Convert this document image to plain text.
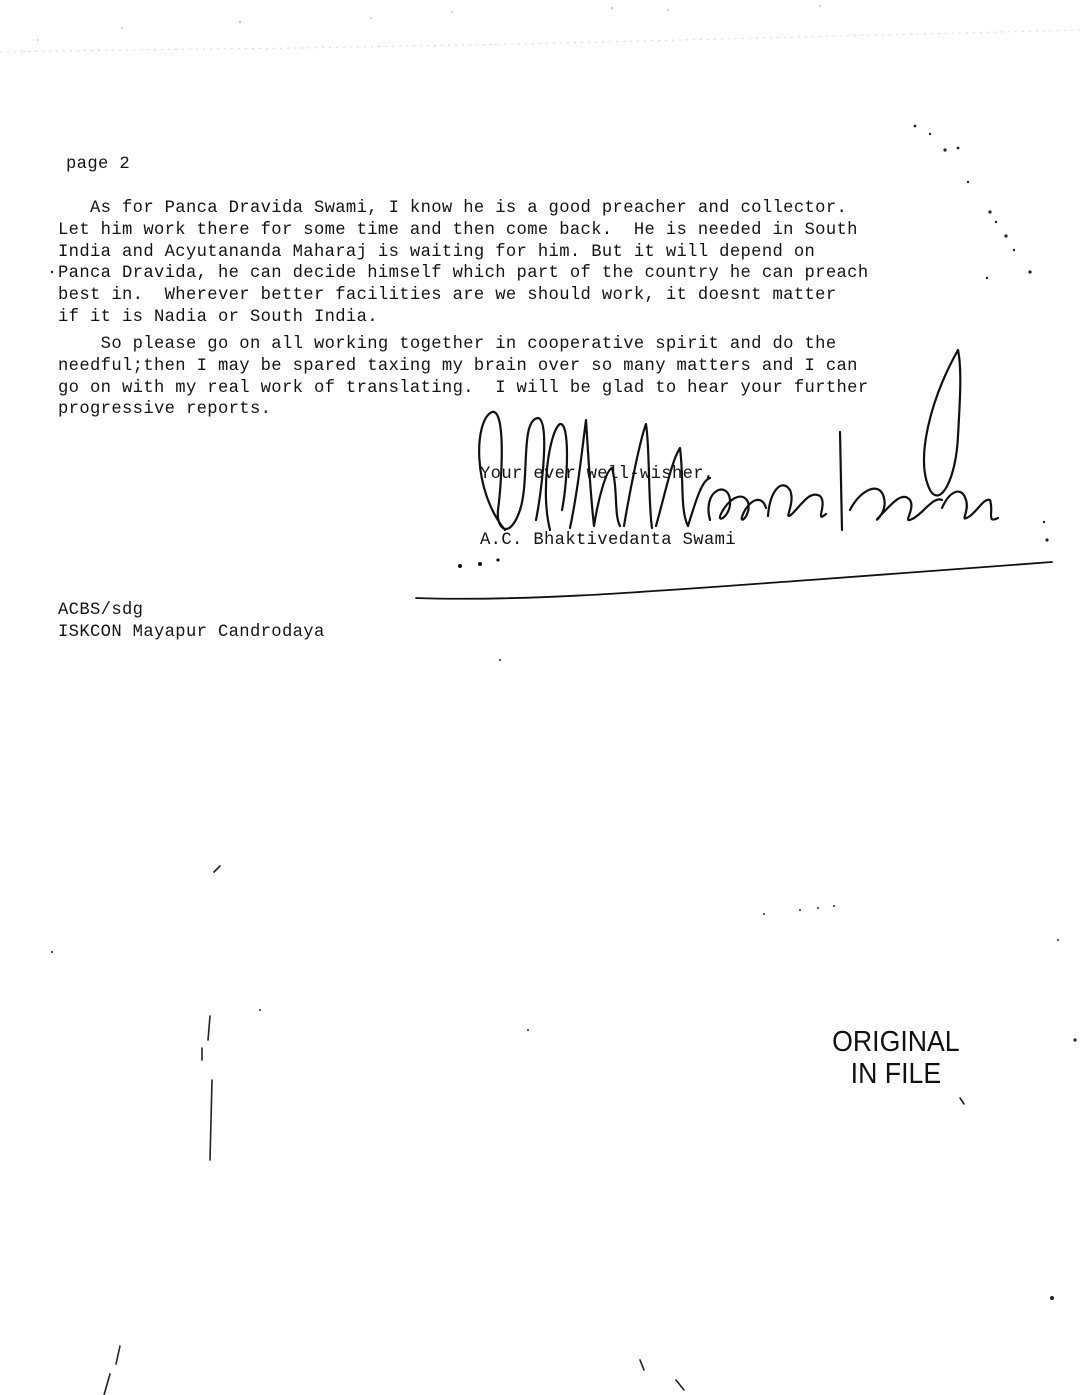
page 2
As for Panca Dravida Swami, I know he is a good preacher and collector.
Let him work there for some time and then come back.  He is needed in South
India and Acyutananda Maharaj is waiting for him. But it will depend on
Panca Dravida, he can decide himself which part of the country he can preach
best in.  Wherever better facilities are we should work, it doesnt matter
if it is Nadia or South India.
So please go on all working together in cooperative spirit and do the
needful;then I may be spared taxing my brain over so many matters and I can
go on with my real work of translating.  I will be glad to hear your further
progressive reports.
Your ever well-wisher,
A.C. Bhaktivedanta Swami
ACBS/sdg
ISKCON Mayapur Candrodaya
ORIGINAL
IN FILE
